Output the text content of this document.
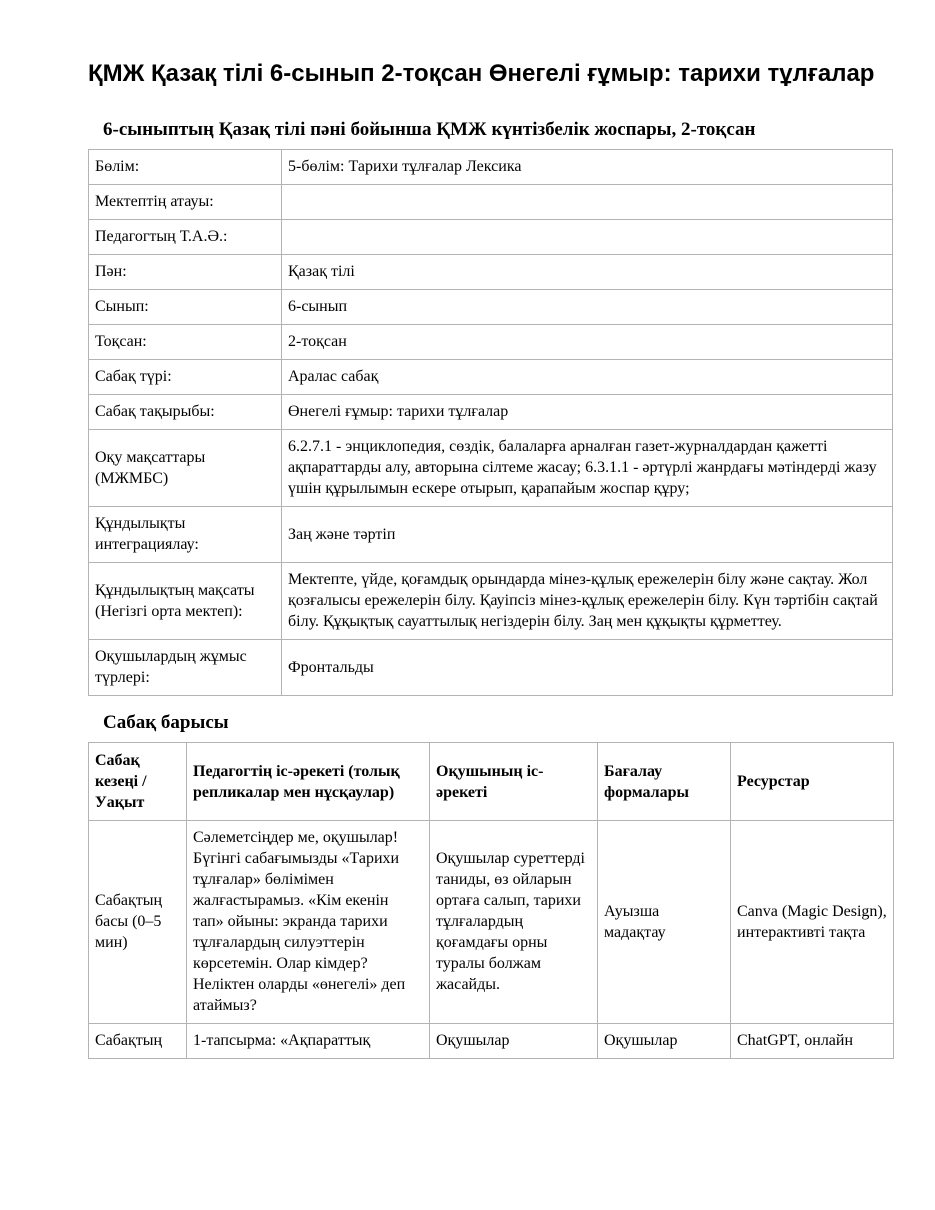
ҚМЖ Қазақ тілі 6-сынып 2-тоқсан Өнегелі ғұмыр: тарихи тұлғалар
6-сыныптың Қазақ тілі пәні бойынша ҚМЖ күнтізбелік жоспары, 2-тоқсан
Бөлім:	5-бөлім: Тарихи тұлғалар Лексика
Мектептің атауы:	
Педагогтың Т.А.Ә.:	
Пән:	Қазақ тілі
Сынып:	6-сынып
Тоқсан:	2-тоқсан
Сабақ түрі:	Аралас сабақ
Сабақ тақырыбы:	Өнегелі ғұмыр: тарихи тұлғалар
Оқу мақсаттары (МЖМБС)	6.2.7.1 - энциклопедия, сөздік, балаларға арналған газет-журналдардан қажетті ақпараттарды алу, авторына сілтеме жасау; 6.3.1.1 - әртүрлі жанрдағы мәтіндерді жазу үшін құрылымын ескере отырып, қарапайым жоспар құру;
Құндылықты интеграциялау:	Заң және тәртіп
Құндылықтың мақсаты (Негізгі орта мектеп):	Мектепте, үйде, қоғамдық орындарда мінез-құлық ережелерін білу және сақтау. Жол қозғалысы ережелерін білу. Қауіпсіз мінез-құлық ережелерін білу. Күн тәртібін сақтай білу. Құқықтық сауаттылық негіздерін білу. Заң мен құқықты құрметтеу.
Оқушылардың жұмыс түрлері:	Фронтальды
Сабақ барысы
Сабақ кезеңі / Уақыт	Педагогтің іс-әрекеті (толық репликалар мен нұсқаулар)	Оқушының іс-әрекеті	Бағалау формалары	Ресурстар
Сабақтың басы (0–5 мин)	Сәлеметсіңдер ме, оқушылар! Бүгінгі сабағымызды «Тарихи тұлғалар» бөлімімен жалғастырамыз. «Кім екенін тап» ойыны: экранда тарихи тұлғалардың силуэттерін көрсетемін. Олар кімдер? Неліктен оларды «өнегелі» деп атаймыз?	Оқушылар суреттерді таниды, өз ойларын ортаға салып, тарихи тұлғалардың қоғамдағы орны туралы болжам жасайды.	Ауызша мадақтау	Canva (Magic Design), интерактивті тақта
Сабақтың	1-тапсырма: «Ақпараттық	Оқушылар	Оқушылар	ChatGPT, онлайн
